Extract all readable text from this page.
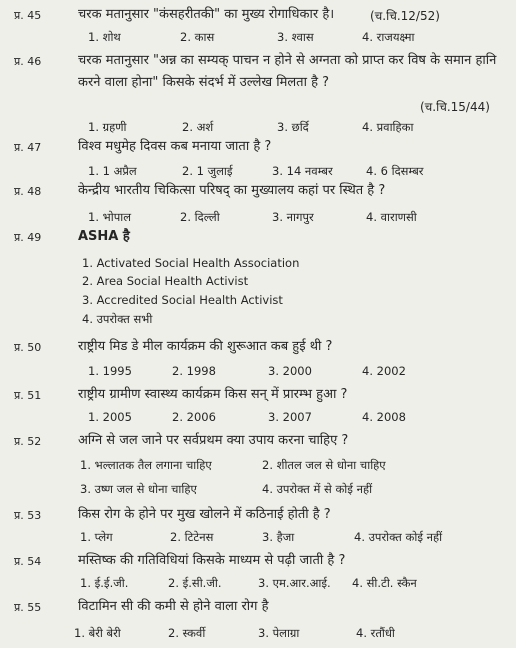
प्र. 45	चरक मतानुसार "कंसहरीतकी" का मुख्य रोगाधिकार है।	(च.चि.12/52)
1. शोथ	2. कास	3. श्वास	4. राजयक्ष्मा
प्र. 46	चरक मतानुसार "अन्न का सम्यक् पाचन न होने से अग्नता को प्राप्त कर विष के समान हानि करने वाला होना" किसके संदर्भ में उल्लेख मिलता है ?
(च.चि.15/44)
1. ग्रहणी	2. अर्श	3. छर्दि	4. प्रवाहिका
प्र. 47	विश्व मधुमेह दिवस कब मनाया जाता है ?
1. 1 अप्रैल	2. 1 जुलाई	3. 14 नवम्बर	4. 6 दिसम्बर
प्र. 48	केन्द्रीय भारतीय चिकित्सा परिषद् का मुख्यालय कहां पर स्थित है ?
1. भोपाल	2. दिल्ली	3. नागपुर	4. वाराणसी
प्र. 49	ASHA है
1. Activated Social Health Association
2. Area Social Health Activist
3. Accredited Social Health Activist
4. उपरोक्त सभी
प्र. 50	राष्ट्रीय मिड डे मील कार्यक्रम की शुरूआत कब हुई थी ?
1. 1995	2. 1998	3. 2000	4. 2002
प्र. 51	राष्ट्रीय ग्रामीण स्वास्थ्य कार्यक्रम किस सन् में प्रारम्भ हुआ ?
1. 2005	2. 2006	3. 2007	4. 2008
प्र. 52	अग्नि से जल जाने पर सर्वप्रथम क्या उपाय करना चाहिए ?
1. भल्लातक तैल लगाना चाहिए	2. शीतल जल से धोना चाहिए
3. उष्ण जल से धोना चाहिए	4. उपरोक्त में से कोई नहीं
प्र. 53	किस रोग के होने पर मुख खोलने में कठिनाई होती है ?
1. प्लेग	2. टिटेनस	3. हैजा	4. उपरोक्त कोई नहीं
प्र. 54	मस्तिष्क की गतिविधियां किसके माध्यम से पढ़ी जाती है ?
1. ई.ई.जी.	2. ई.सी.जी.	3. एम.आर.आई. 4. सी.टी. स्कैन
प्र. 55	विटामिन सी की कमी से होने वाला रोग है
1. बेरी बेरी	2. स्कर्वी	3. पेलाग्रा	4. रतौंधी
